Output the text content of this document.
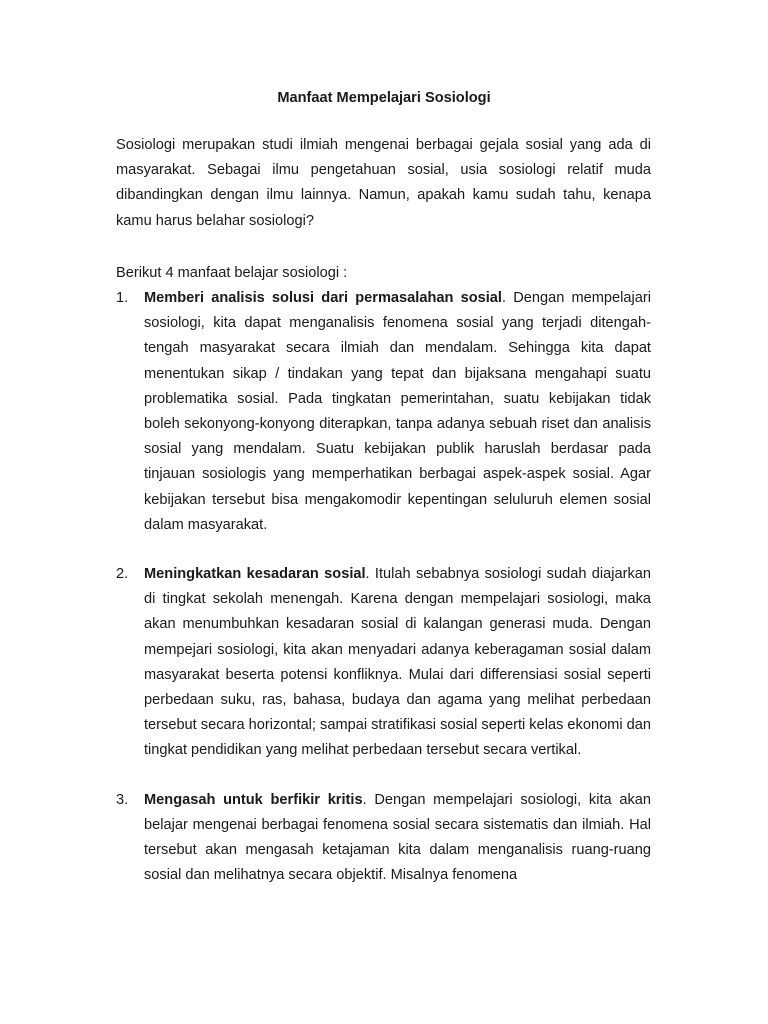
Manfaat Mempelajari Sosiologi

Sosiologi merupakan studi ilmiah mengenai berbagai gejala sosial yang ada di masyarakat. Sebagai ilmu pengetahuan sosial, usia sosiologi relatif muda dibandingkan dengan ilmu lainnya. Namun, apakah kamu sudah tahu, kenapa kamu harus belahar sosiologi?

Berikut 4 manfaat belajar sosiologi :

1. Memberi analisis solusi dari permasalahan sosial. Dengan mempelajari sosiologi, kita dapat menganalisis fenomena sosial yang terjadi ditengah-tengah masyarakat secara ilmiah dan mendalam. Sehingga kita dapat menentukan sikap / tindakan yang tepat dan bijaksana mengahapi suatu problematika sosial. Pada tingkatan pemerintahan, suatu kebijakan tidak boleh sekonyong-konyong diterapkan, tanpa adanya sebuah riset dan analisis sosial yang mendalam. Suatu kebijakan publik haruslah berdasar pada tinjauan sosiologis yang memperhatikan berbagai aspek-aspek sosial. Agar kebijakan tersebut bisa mengakomodir kepentingan seluluruh elemen sosial dalam masyarakat.
2. Meningkatkan kesadaran sosial. Itulah sebabnya sosiologi sudah diajarkan di tingkat sekolah menengah. Karena dengan mempelajari sosiologi, maka akan menumbuhkan kesadaran sosial di kalangan generasi muda. Dengan mempejari sosiologi, kita akan menyadari adanya keberagaman sosial dalam masyarakat beserta potensi konfliknya. Mulai dari differensiasi sosial seperti perbedaan suku, ras, bahasa, budaya dan agama yang melihat perbedaan tersebut secara horizontal; sampai stratifikasi sosial seperti kelas ekonomi dan tingkat pendidikan yang melihat perbedaan tersebut secara vertikal.
3. Mengasah untuk berfikir kritis. Dengan mempelajari sosiologi, kita akan belajar mengenai berbagai fenomena sosial secara sistematis dan ilmiah. Hal tersebut akan mengasah ketajaman kita dalam menganalisis ruang-ruang sosial dan melihatnya secara objektif. Misalnya fenomena
